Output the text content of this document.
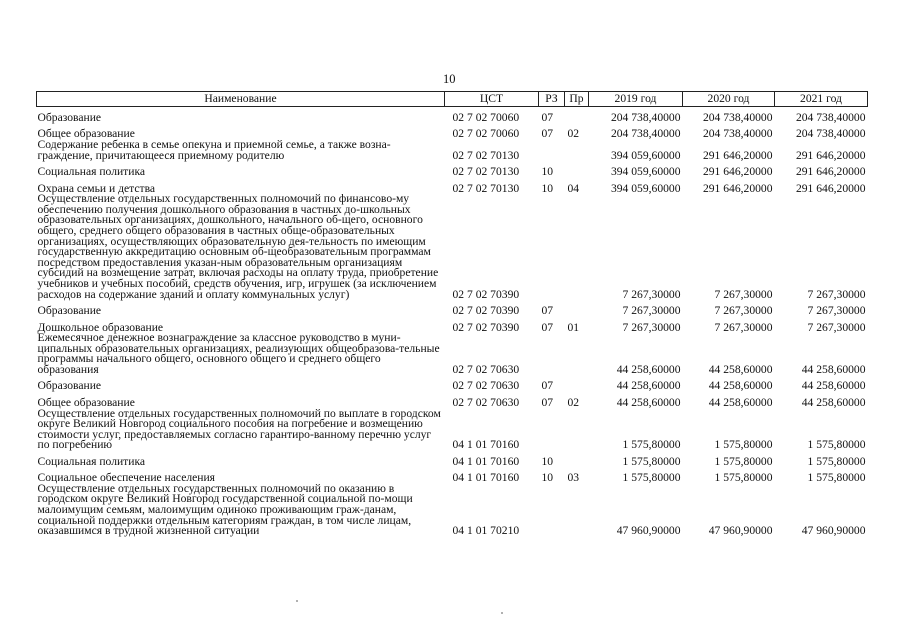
10
Наименование	ЦСТ	РЗ	Пр	2019 год	2020 год	2021 год
Образование	02 7 02 70060	07		204 738,40000	204 738,40000	204 738,40000
Общее образование	02 7 02 70060	07	02	204 738,40000	204 738,40000	204 738,40000
Содержание ребенка в семье опекуна и приемной семье, а также возна-граждение, причитающееся приемному родителю	02 7 02 70130			394 059,60000	291 646,20000	291 646,20000
Социальная политика	02 7 02 70130	10		394 059,60000	291 646,20000	291 646,20000
Охрана семьи и детства	02 7 02 70130	10	04	394 059,60000	291 646,20000	291 646,20000
Осуществление отдельных государственных полномочий по финансово-му обеспечению получения дошкольного образования в частных до-школьных образовательных организациях, дошкольного, начального об-щего, основного общего, среднего общего образования в частных обще-образовательных организациях, осуществляющих образовательную дея-тельность по имеющим государственную аккредитацию основным об-щеобразовательным программам посредством предоставления указан-ным образовательным организациям субсидий на возмещение затрат, включая расходы на оплату труда, приобретение учебников и учебных пособий, средств обучения, игр, игрушек (за исключением расходов на содержание зданий и оплату коммунальных услуг)	02 7 02 70390			7 267,30000	7 267,30000	7 267,30000
Образование	02 7 02 70390	07		7 267,30000	7 267,30000	7 267,30000
Дошкольное образование	02 7 02 70390	07	01	7 267,30000	7 267,30000	7 267,30000
Ежемесячное денежное вознаграждение за классное руководство в муни-ципальных образовательных организациях, реализующих общеобразова-тельные программы начального общего, основного общего и среднего общего образования	02 7 02 70630			44 258,60000	44 258,60000	44 258,60000
Образование	02 7 02 70630	07		44 258,60000	44 258,60000	44 258,60000
Общее образование	02 7 02 70630	07	02	44 258,60000	44 258,60000	44 258,60000
Осуществление отдельных государственных полномочий по выплате в городском округе Великий Новгород социального пособия на погребение и возмещению стоимости услуг, предоставляемых согласно гарантиро-ванному перечню услуг по погребению	04 1 01 70160			1 575,80000	1 575,80000	1 575,80000
Социальная политика	04 1 01 70160	10		1 575,80000	1 575,80000	1 575,80000
Социальное обеспечение населения	04 1 01 70160	10	03	1 575,80000	1 575,80000	1 575,80000
Осуществление отдельных государственных полномочий по оказанию в городском округе Великий Новгород государственной социальной по-мощи малоимущим семьям, малоимущим одиноко проживающим граж-данам, социальной поддержки отдельным категориям граждан, в том числе лицам, оказавшимся в трудной жизненной ситуации	04 1 01 70210			47 960,90000	47 960,90000	47 960,90000
